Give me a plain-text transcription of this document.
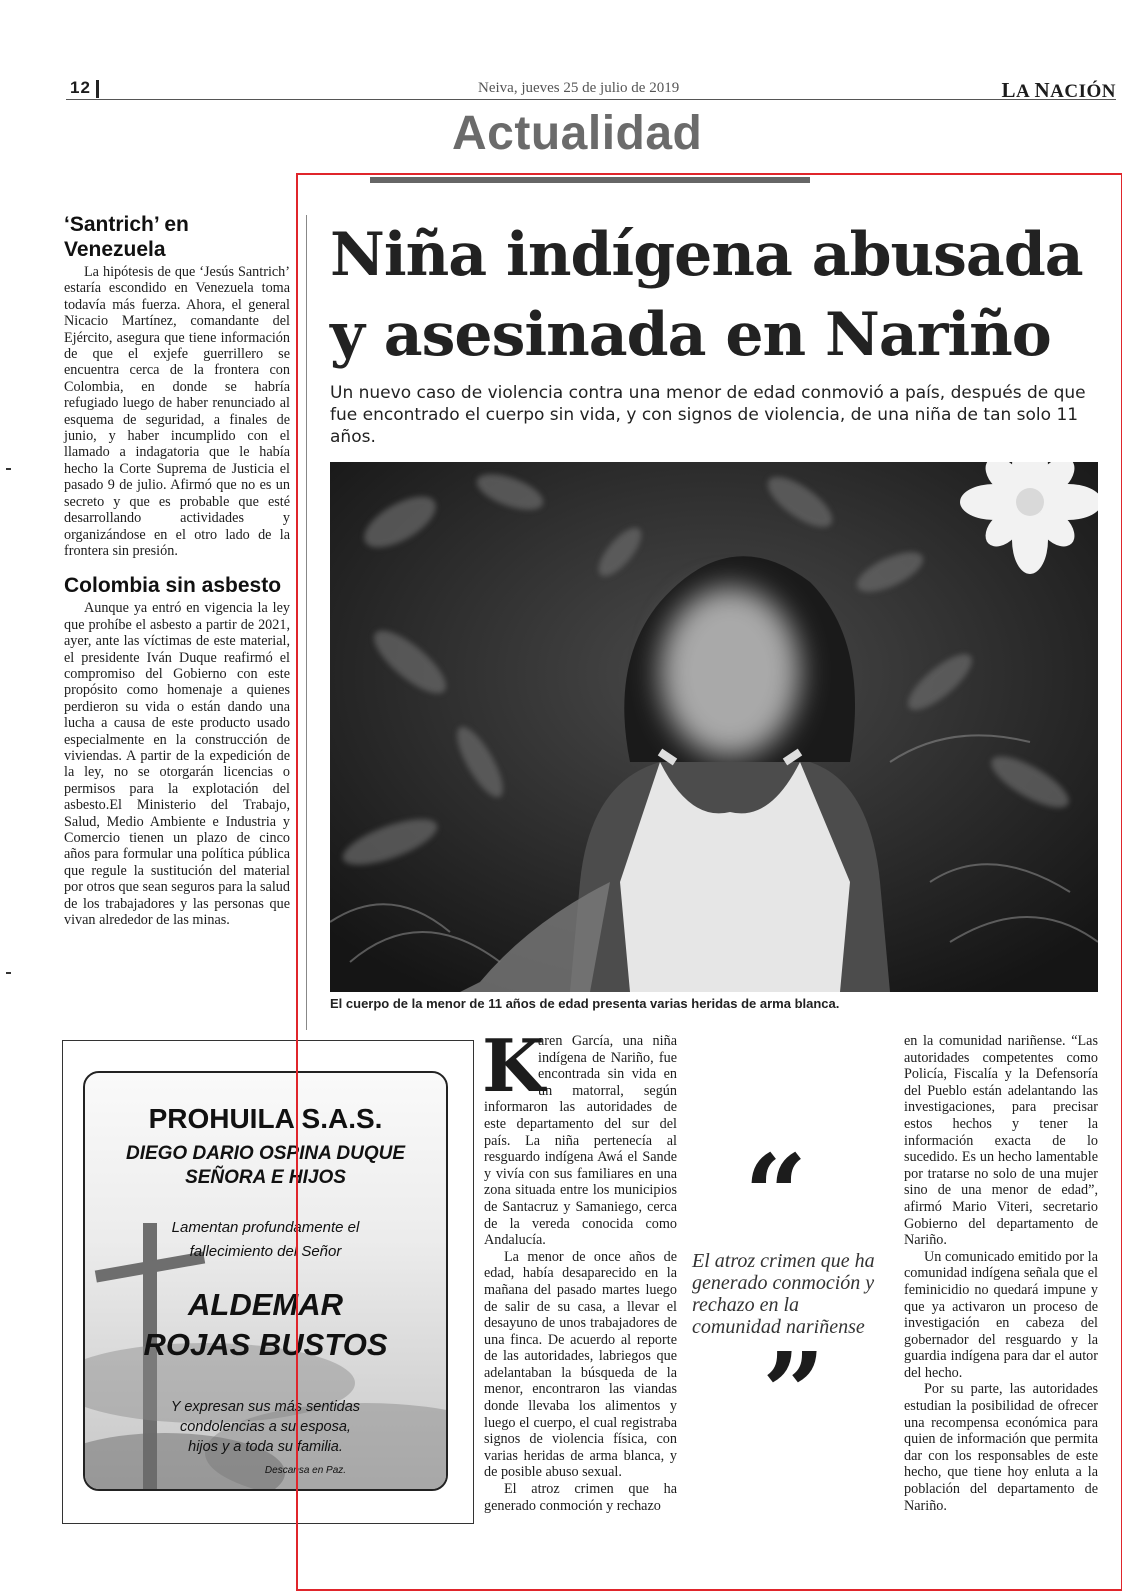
12	Neiva, jueves 25 de julio de 2019	LA NACIÓN
Actualidad
‘Santrich’ en Venezuela

La hipótesis de que ‘Jesús Santrich’ estaría escondido en Venezuela toma todavía más fuerza. Ahora, el general Nicacio Martínez, comandante del Ejército, asegura que tiene información de que el exjefe guerrillero se encuentra cerca de la frontera con Colombia, en donde se habría refugiado luego de haber renunciado al esquema de seguridad, a finales de junio, y haber incumplido con el llamado a indagatoria que le había hecho la Corte Suprema de Justicia el pasado 9 de julio. Afirmó que no es un secreto y que es probable que esté desarrollando actividades y organizándose en el otro lado de la frontera sin presión.

Colombia sin asbesto

Aunque ya entró en vigencia la ley que prohíbe el asbesto a partir de 2021, ayer, ante las víctimas de este material, el presidente Iván Duque reafirmó el compromiso del Gobierno con este propósito como homenaje a quienes perdieron su vida o están dando una lucha a causa de este producto usado especialmente en la construcción de viviendas. A partir de la expedición de la ley, no se otorgarán licencias o permisos para la explotación del asbesto.El Ministerio del Trabajo, Salud, Medio Ambiente e Industria y Comercio tienen un plazo de cinco años para formular una política pública que regule la sustitución del material por otros que sean seguros para la salud de los trabajadores y las personas que vivan alrededor de las minas.

Niña indígena abusada
y asesinada en Nariño
Un nuevo caso de violencia contra una menor de edad conmovió a país, después de que fue encontrado el cuerpo sin vida, y con signos de violencia, de una niña de tan solo 11 años.
El cuerpo de la menor de 11 años de edad presenta varias heridas de arma blanca.
K

aren García, una niña indígena de Nariño, fue encontrada sin vida en un matorral, según informaron las autoridades de este departamento del sur del país. La niña pertenecía al resguardo indígena Awá el Sande y vivía con sus familiares en una zona situada entre los municipios de Santacruz y Samaniego, cerca de la vereda conocida como Andalucía.

La menor de once años de edad, había desaparecido en la mañana del pasado martes luego de salir de su casa, a llevar el desayuno de unos trabajadores de una finca. De acuerdo al reporte de las autoridades, labriegos que adelantaban la búsqueda de la menor, encontraron las viandas donde llevaba los alimentos y luego el cuerpo, el cual registraba signos de violencia física, con varias heridas de arma blanca, y de posible abuso sexual.

El atroz crimen que ha generado conmoción y rechazo

“
El atroz crimen que ha generado conmoción y rechazo en la comunidad nariñense
”

en la comunidad nariñense. “Las autoridades competentes como Policía, Fiscalía y la Defensoría del Pueblo están adelantando las investigaciones, para precisar estos hechos y tener la información exacta de lo sucedido. Es un hecho lamentable por tratarse no solo de una mujer sino de una menor de edad”, afirmó Mario Viteri, secretario Gobierno del departamento de Nariño.

Un comunicado emitido por la comunidad indígena señala que el feminicidio no quedará impune y que ya activaron un proceso de investigación en cabeza del gobernador del resguardo y la guardia indígena para dar el autor del hecho.

Por su parte, las autoridades estudian la posibilidad de ofrecer una recompensa económica para quien de información que permita dar con los responsables de este hecho, que tiene hoy enluta a la población del departamento de Nariño.

PROHUILA S.A.S.
DIEGO DARIO OSPINA DUQUE
SEÑORA E HIJOS
Lamentan profundamente el
fallecimiento del Señor
ALDEMAR
ROJAS BUSTOS
Y expresan sus más sentidas
condolencias a su esposa,
hijos y a toda su familia.
Descansa en Paz.
